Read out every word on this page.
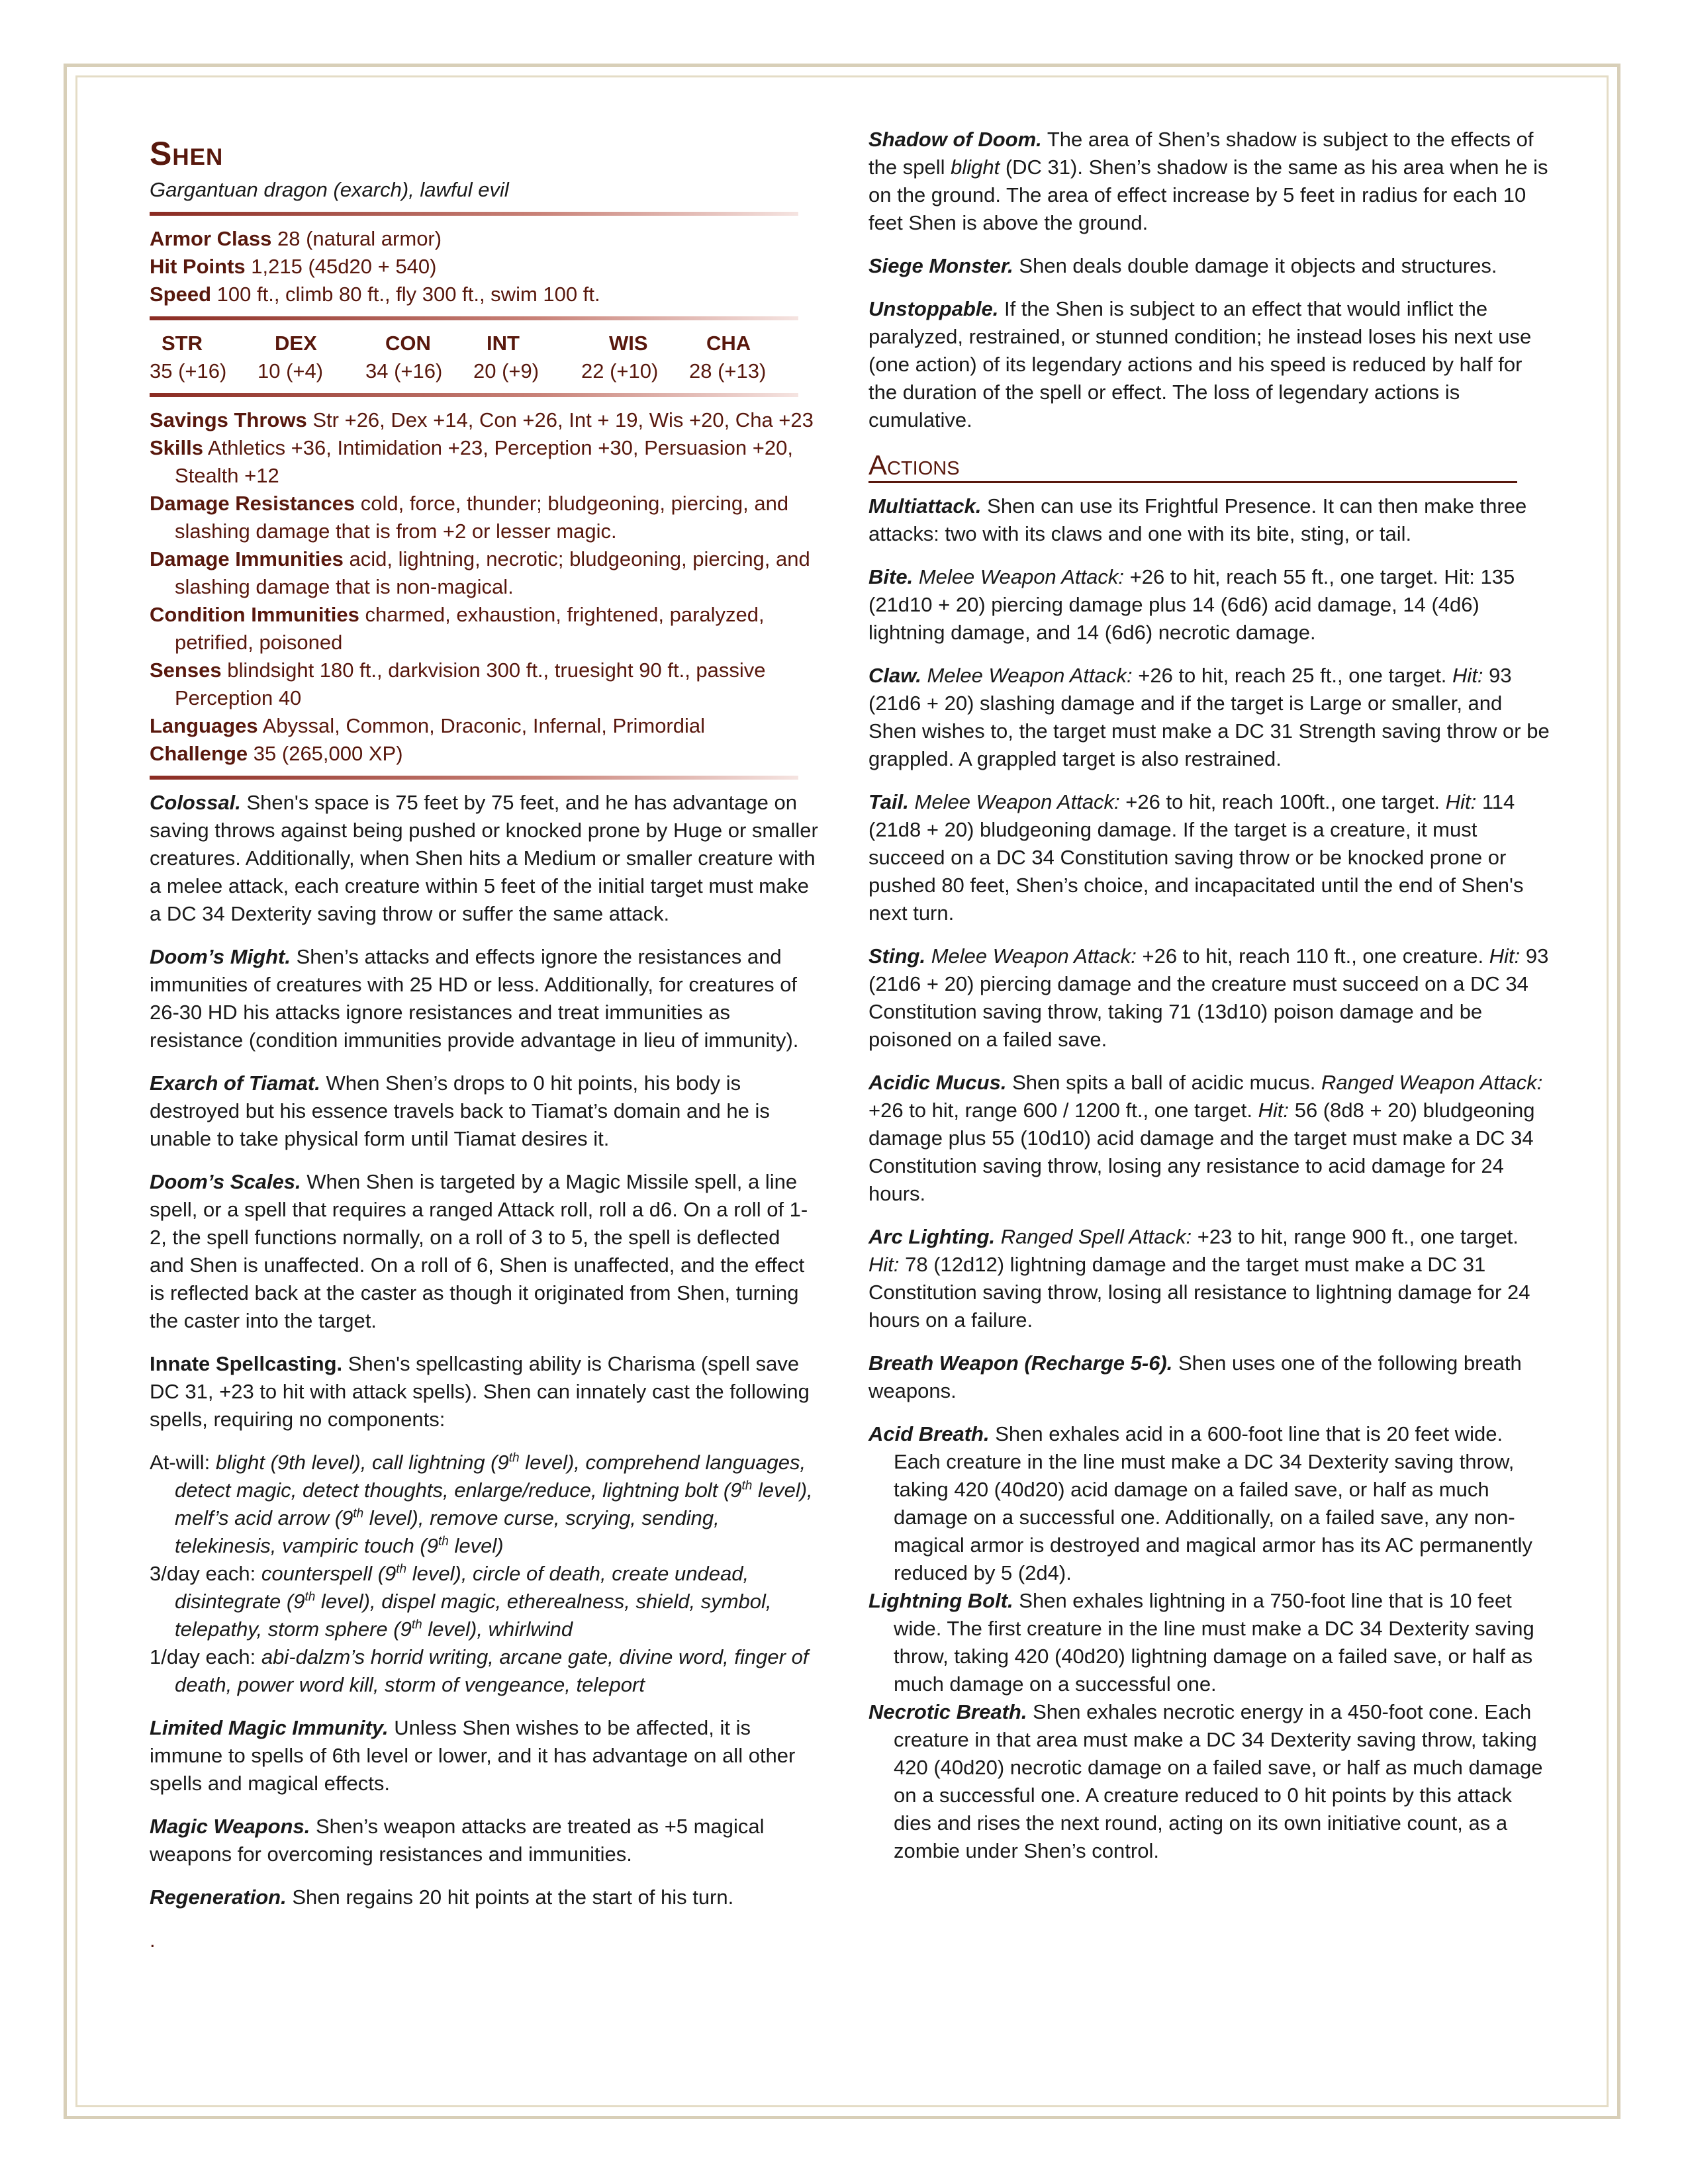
Shen
Gargantuan dragon (exarch), lawful evil
Armor Class 28 (natural armor)
Hit Points 1,215 (45d20 + 540)
Speed 100 ft., climb 80 ft., fly 300 ft., swim 100 ft.
STR	DEX	CON	INT	WIS	CHA
35 (+16)	10 (+4)	34 (+16)	20 (+9)	22 (+10)	28 (+13)
Savings Throws Str +26, Dex +14, Con +26, Int + 19, Wis +20, Cha +23
Skills Athletics +36, Intimidation +23, Perception +30, Persuasion +20, Stealth +12
Damage Resistances cold, force, thunder; bludgeoning, piercing, and slashing damage that is from +2 or lesser magic.
Damage Immunities acid, lightning, necrotic; bludgeoning, piercing, and slashing damage that is non-magical.
Condition Immunities charmed, exhaustion, frightened, paralyzed, petrified, poisoned
Senses blindsight 180 ft., darkvision 300 ft., truesight 90 ft., passive Perception 40
Languages Abyssal, Common, Draconic, Infernal, Primordial
Challenge 35 (265,000 XP)
Colossal. Shen's space is 75 feet by 75 feet, and he has advantage on saving throws against being pushed or knocked prone by Huge or smaller creatures. Additionally, when Shen hits a Medium or smaller creature with a melee attack, each creature within 5 feet of the initial target must make a DC 34 Dexterity saving throw or suffer the same attack.
Doom’s Might. Shen’s attacks and effects ignore the resistances and immunities of creatures with 25 HD or less. Additionally, for creatures of 26-30 HD his attacks ignore resistances and treat immunities as resistance (condition immunities provide advantage in lieu of immunity).
Exarch of Tiamat. When Shen’s drops to 0 hit points, his body is destroyed but his essence travels back to Tiamat’s domain and he is unable to take physical form until Tiamat desires it.
Doom’s Scales. When Shen is targeted by a Magic Missile spell, a line spell, or a spell that requires a ranged Attack roll, roll a d6. On a roll of 1-2, the spell functions normally, on a roll of 3 to 5, the spell is deflected and Shen is unaffected. On a roll of 6, Shen is unaffected, and the effect is reflected back at the caster as though it originated from Shen, turning the caster into the target.
Innate Spellcasting. Shen's spellcasting ability is Charisma (spell save DC 31, +23 to hit with attack spells). Shen can innately cast the following spells, requiring no components:
At-will: blight (9th level), call lightning (9th level), comprehend languages, detect magic, detect thoughts, enlarge/reduce, lightning bolt (9th level), melf’s acid arrow (9th level), remove curse, scrying, sending, telekinesis, vampiric touch (9th level)
3/day each: counterspell (9th level), circle of death, create undead, disintegrate (9th level), dispel magic, etherealness, shield, symbol, telepathy, storm sphere (9th level), whirlwind
1/day each: abi-dalzm’s horrid writing, arcane gate, divine word, finger of death, power word kill, storm of vengeance, teleport
Limited Magic Immunity. Unless Shen wishes to be affected, it is immune to spells of 6th level or lower, and it has advantage on all other spells and magical effects.
Magic Weapons. Shen’s weapon attacks are treated as +5 magical weapons for overcoming resistances and immunities.
Regeneration. Shen regains 20 hit points at the start of his turn.
.
Shadow of Doom. The area of Shen’s shadow is subject to the effects of the spell blight (DC 31). Shen’s shadow is the same as his area when he is on the ground. The area of effect increase by 5 feet in radius for each 10 feet Shen is above the ground.
Siege Monster. Shen deals double damage it objects and structures.
Unstoppable. If the Shen is subject to an effect that would inflict the paralyzed, restrained, or stunned condition; he instead loses his next use (one action) of its legendary actions and his speed is reduced by half for the duration of the spell or effect. The loss of legendary actions is cumulative.
Actions
Multiattack. Shen can use its Frightful Presence. It can then make three attacks: two with its claws and one with its bite, sting, or tail.
Bite. Melee Weapon Attack: +26 to hit, reach 55 ft., one target. Hit: 135 (21d10 + 20) piercing damage plus 14 (6d6) acid damage, 14 (4d6) lightning damage, and 14 (6d6) necrotic damage.
Claw. Melee Weapon Attack: +26 to hit, reach 25 ft., one target. Hit: 93 (21d6 + 20) slashing damage and if the target is Large or smaller, and Shen wishes to, the target must make a DC 31 Strength saving throw or be grappled. A grappled target is also restrained.
Tail. Melee Weapon Attack: +26 to hit, reach 100ft., one target. Hit: 114 (21d8 + 20) bludgeoning damage. If the target is a creature, it must succeed on a DC 34 Constitution saving throw or be knocked prone or pushed 80 feet, Shen’s choice, and incapacitated until the end of Shen's next turn.
Sting. Melee Weapon Attack: +26 to hit, reach 110 ft., one creature. Hit: 93 (21d6 + 20) piercing damage and the creature must succeed on a DC 34 Constitution saving throw, taking 71 (13d10) poison damage and be poisoned on a failed save.
Acidic Mucus. Shen spits a ball of acidic mucus. Ranged Weapon Attack: +26 to hit, range 600 / 1200 ft., one target. Hit: 56 (8d8 + 20) bludgeoning damage plus 55 (10d10) acid damage and the target must make a DC 34 Constitution saving throw, losing any resistance to acid damage for 24 hours.
Arc Lighting. Ranged Spell Attack: +23 to hit, range 900 ft., one target. Hit: 78 (12d12) lightning damage and the target must make a DC 31 Constitution saving throw, losing all resistance to lightning damage for 24 hours on a failure.
Breath Weapon (Recharge 5-6). Shen uses one of the following breath weapons.
Acid Breath. Shen exhales acid in a 600-foot line that is 20 feet wide. Each creature in the line must make a DC 34 Dexterity saving throw, taking 420 (40d20) acid damage on a failed save, or half as much damage on a successful one. Additionally, on a failed save, any non-magical armor is destroyed and magical armor has its AC permanently reduced by 5 (2d4).
Lightning Bolt. Shen exhales lightning in a 750-foot line that is 10 feet wide. The first creature in the line must make a DC 34 Dexterity saving throw, taking 420 (40d20) lightning damage on a failed save, or half as much damage on a successful one.
Necrotic Breath. Shen exhales necrotic energy in a 450-foot cone. Each creature in that area must make a DC 34 Dexterity saving throw, taking 420 (40d20) necrotic damage on a failed save, or half as much damage on a successful one. A creature reduced to 0 hit points by this attack dies and rises the next round, acting on its own initiative count, as a zombie under Shen’s control.
